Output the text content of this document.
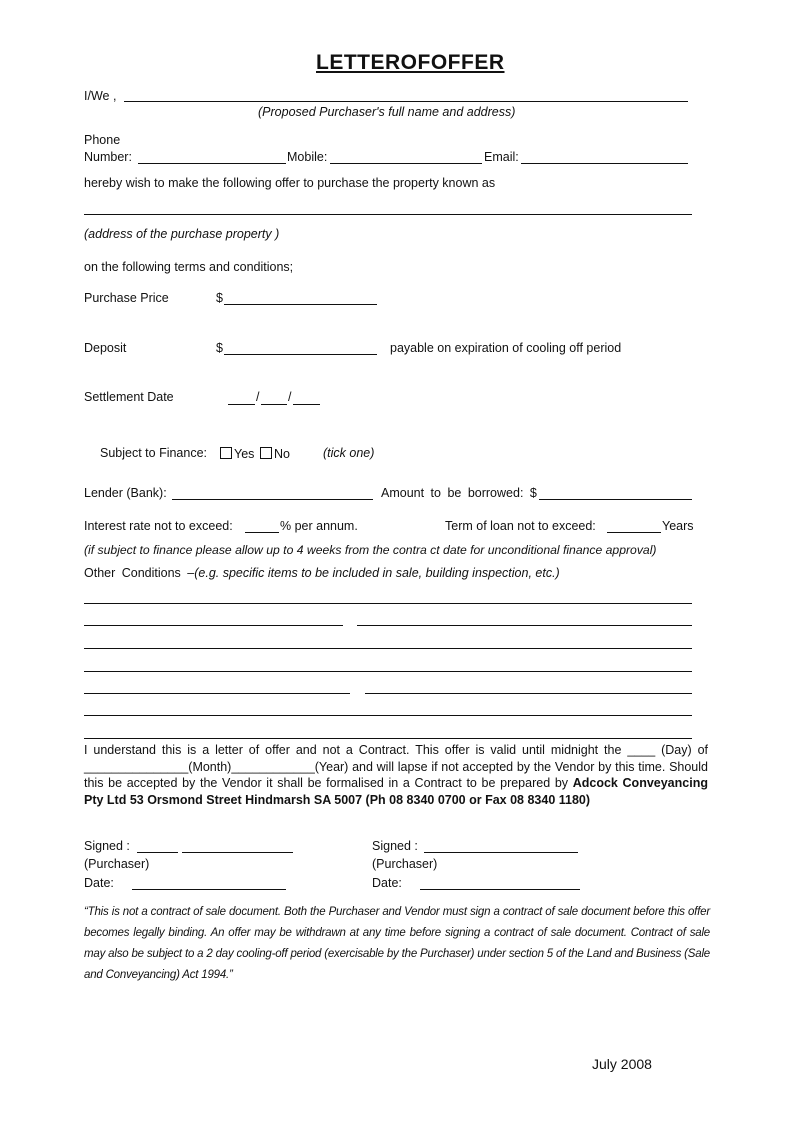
LETTEROFOFFER
I/We ,
(Proposed Purchaser's full name and address)
Phone
Number:	Mobile:	Email:
hereby wish to make the following offer to purchase the property known as
(address of the purchase property )
on the following terms and conditions;
Purchase Price	$
Deposit	$	payable on expiration of cooling off period
Settlement Date	/ /
Subject to Finance:	Yes	No	(tick one)
Lender (Bank):	Amount to be borrowed: $
Interest rate not to exceed:	% per annum.	Term of loan not to exceed:	Years
(if subject to finance please allow up to 4 weeks from the contra ct date for unconditional finance approval)
Other Conditions –(e.g. specific items to be included in sale, building inspection, etc.)
I understand this is a letter of offer and not a Contract. This offer is valid until midnight the ____ (Day) of _______________(Month)____________(Year) and will lapse if not accepted by the Vendor by this time. Should this be accepted by the Vendor it shall be formalised in a Contract to be prepared by Adcock Conveyancing Pty Ltd 53 Orsmond Street Hindmarsh SA 5007 (Ph 08 8340 0700 or Fax 08 8340 1180)
Signed :
(Purchaser)
Date:
Signed :
(Purchaser)
Date:
“This is not a contract of sale document. Both the Purchaser and Vendor must sign a contract of sale document before this offer becomes legally binding. An offer may be withdrawn at any time before signing a contract of sale document. Contract of sale may also be subject to a 2 day cooling-off period (exercisable by the Purchaser) under section 5 of the Land and Business (Sale and Conveyancing) Act 1994.”
July 2008
